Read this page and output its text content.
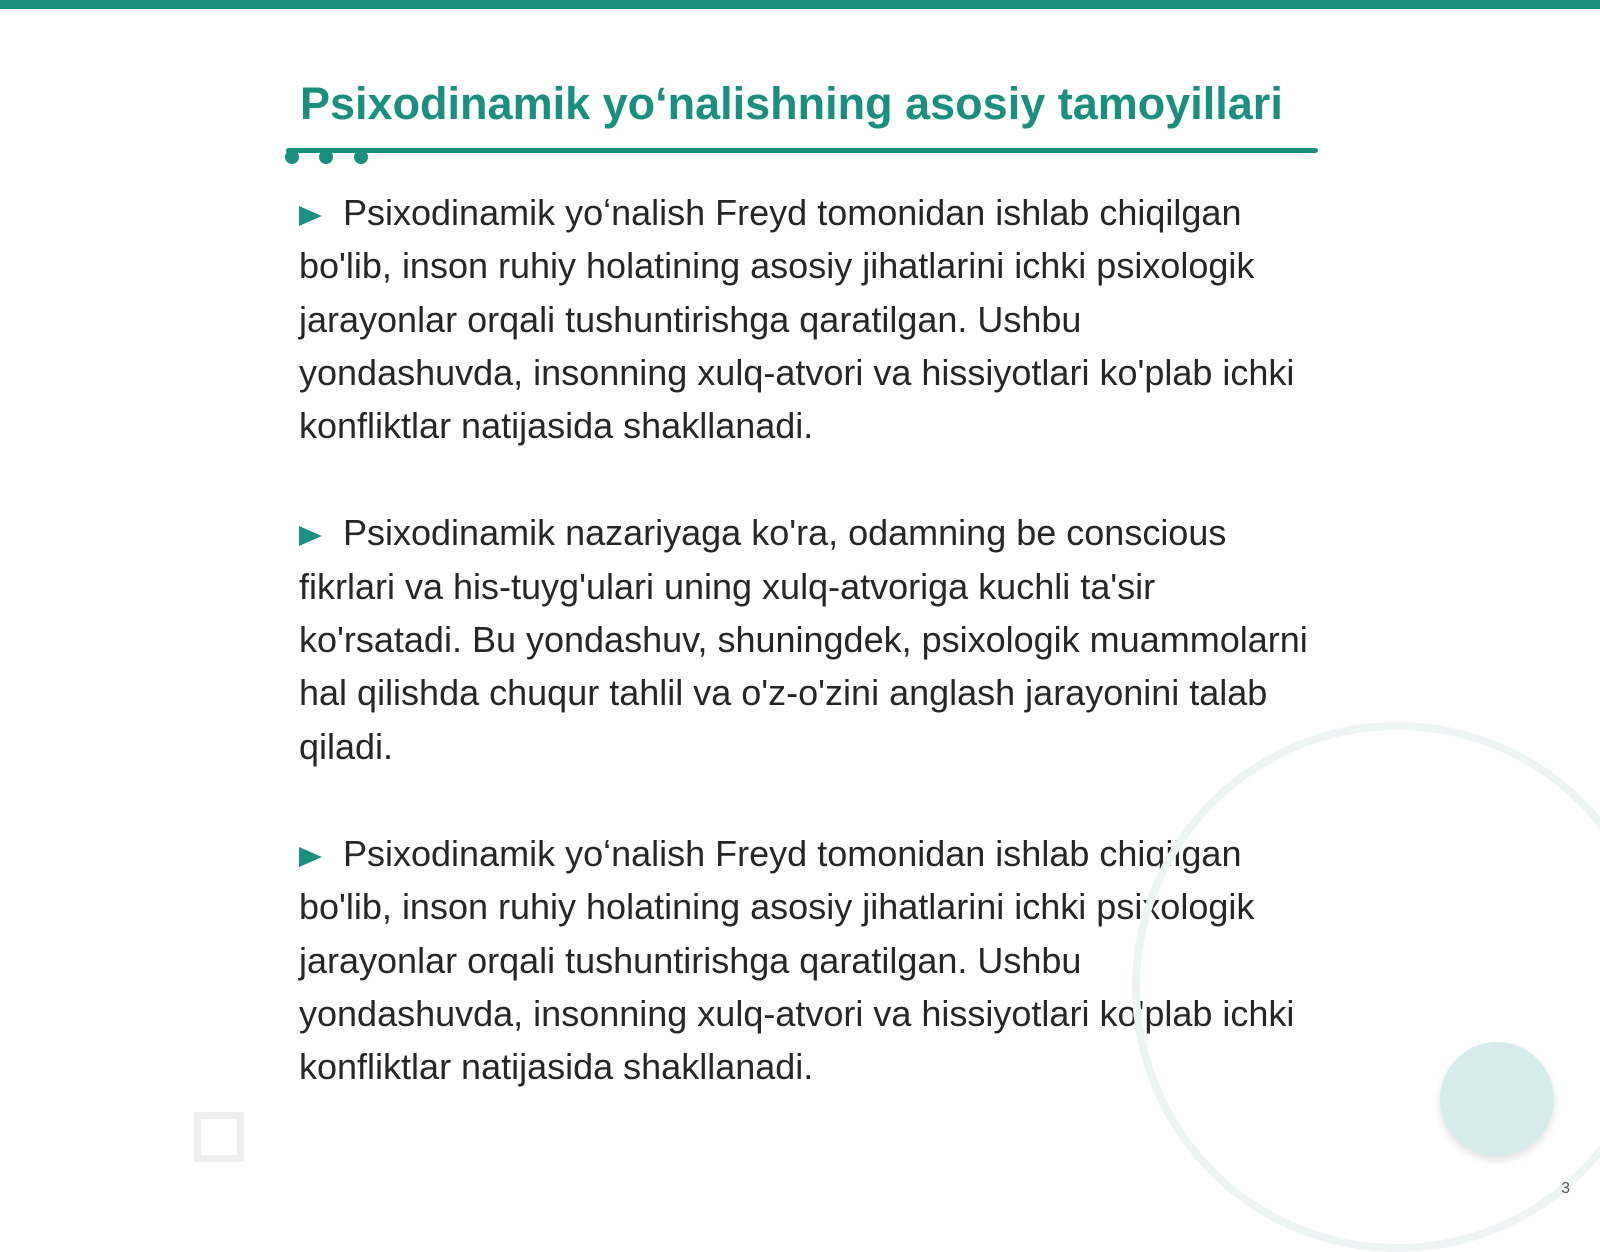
Psixodinamik yoʻnalishning asosiy tamoyillari
Psixodinamik yoʻnalish Freyd tomonidan ishlab chiqilgan bo'lib, inson ruhiy holatining asosiy jihatlarini ichki psixologik jarayonlar orqali tushuntirishga qaratilgan. Ushbu yondashuvda, insonning xulq-atvori va hissiyotlari ko'plab ichki konfliktlar natijasida shakllanadi.
Psixodinamik nazariyaga ko'ra, odamning be conscious fikrlari va his-tuyg'ulari uning xulq-atvoriga kuchli ta'sir ko'rsatadi. Bu yondashuv, shuningdek, psixologik muammolarni hal qilishda chuqur tahlil va o'z-o'zini anglash jarayonini talab qiladi.
Psixodinamik yoʻnalish Freyd tomonidan ishlab chiqilgan bo'lib, inson ruhiy holatining asosiy jihatlarini ichki psixologik jarayonlar orqali tushuntirishga qaratilgan. Ushbu yondashuvda, insonning xulq-atvori va hissiyotlari ko'plab ichki konfliktlar natijasida shakllanadi.
3
